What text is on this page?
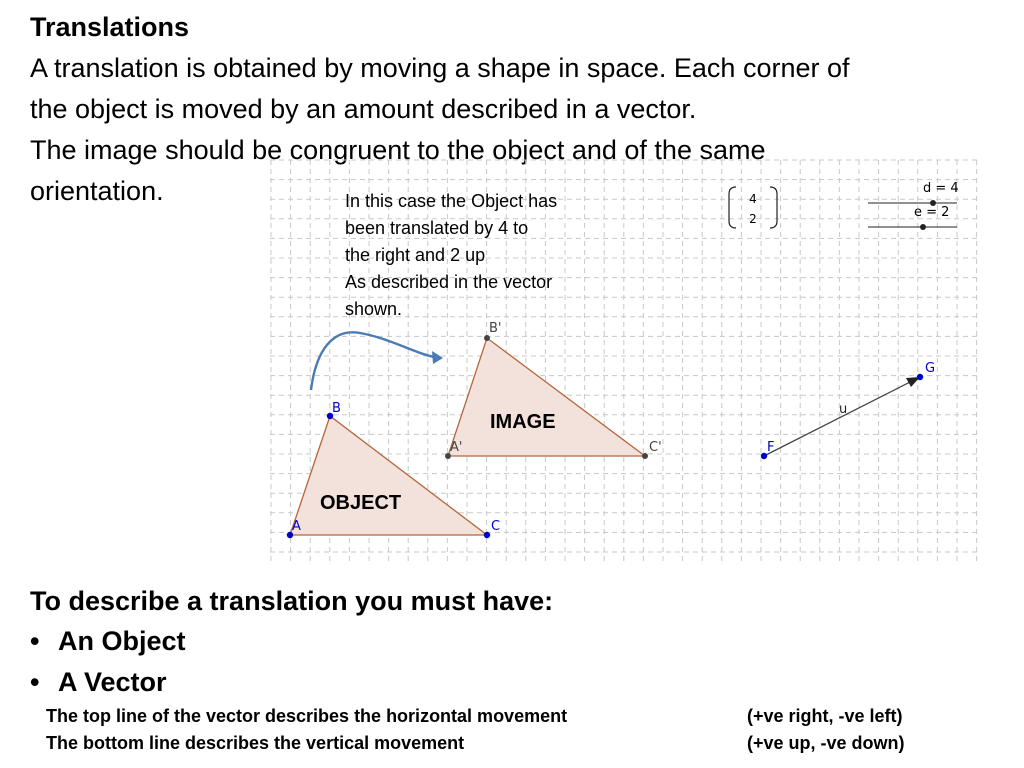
Translations
A translation is obtained by moving a shape in space. Each corner of
the object is moved by an amount described in a vector.
The image should be congruent to the object and of the same
orientation.
OBJECT
IMAGE
A
B
C
A'
B'
C'	F
G
u
4
2
d = 4
e = 2
In this case the Object has
been translated by 4 to
the right and 2 up
As described in the vector
shown.
To describe a translation you must have:
• An Object
• A Vector
The top line of the vector describes the horizontal movement	(+ve right, -ve left)
The bottom line describes the vertical movement	(+ve up, -ve down)
